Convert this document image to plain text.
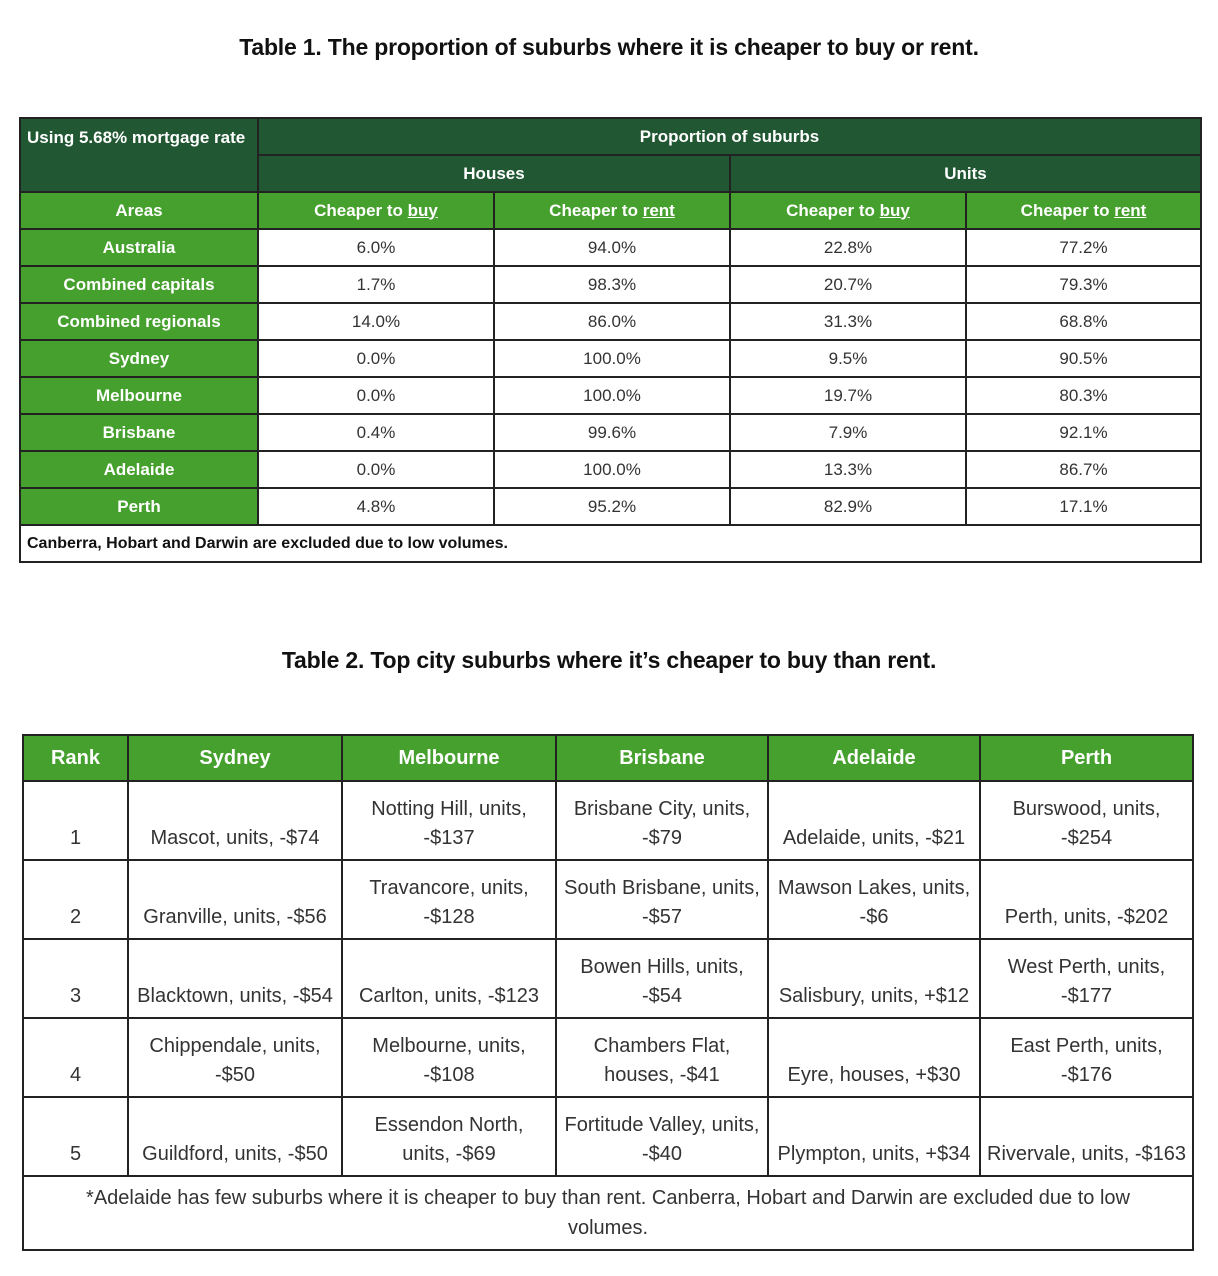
Table 1. The proportion of suburbs where it is cheaper to buy or rent.
Using 5.68% mortgage rate	Proportion of suburbs			
	Houses		Units	
Areas	Cheaper to buy	Cheaper to rent	Cheaper to buy	Cheaper to rent
Australia	6.0%	94.0%	22.8%	77.2%
Combined capitals	1.7%	98.3%	20.7%	79.3%
Combined regionals	14.0%	86.0%	31.3%	68.8%
Sydney	0.0%	100.0%	9.5%	90.5%
Melbourne	0.0%	100.0%	19.7%	80.3%
Brisbane	0.4%	99.6%	7.9%	92.1%
Adelaide	0.0%	100.0%	13.3%	86.7%
Perth	4.8%	95.2%	82.9%	17.1%
Canberra, Hobart and Darwin are excluded due to low volumes.				
Table 2. Top city suburbs where it’s cheaper to buy than rent.
Rank	Sydney	Melbourne	Brisbane	Adelaide	Perth
1	Mascot, units, -$74	Notting Hill, units, -$137	Brisbane City, units, -$79	Adelaide, units, -$21	Burswood, units, -$254
2	Granville, units, -$56	Travancore, units, -$128	South Brisbane, units, -$57	Mawson Lakes, units, -$6	Perth, units, -$202
3	Blacktown, units, -$54	Carlton, units, -$123	Bowen Hills, units, -$54	Salisbury, units, +$12	West Perth, units, -$177
4	Chippendale, units, -$50	Melbourne, units, -$108	Chambers Flat, houses, -$41	Eyre, houses, +$30	East Perth, units, -$176
5	Guildford, units, -$50	Essendon North, units, -$69	Fortitude Valley, units, -$40	Plympton, units, +$34	Rivervale, units, -$163
*Adelaide has few suburbs where it is cheaper to buy than rent. Canberra, Hobart and Darwin are excluded due to low volumes.					
